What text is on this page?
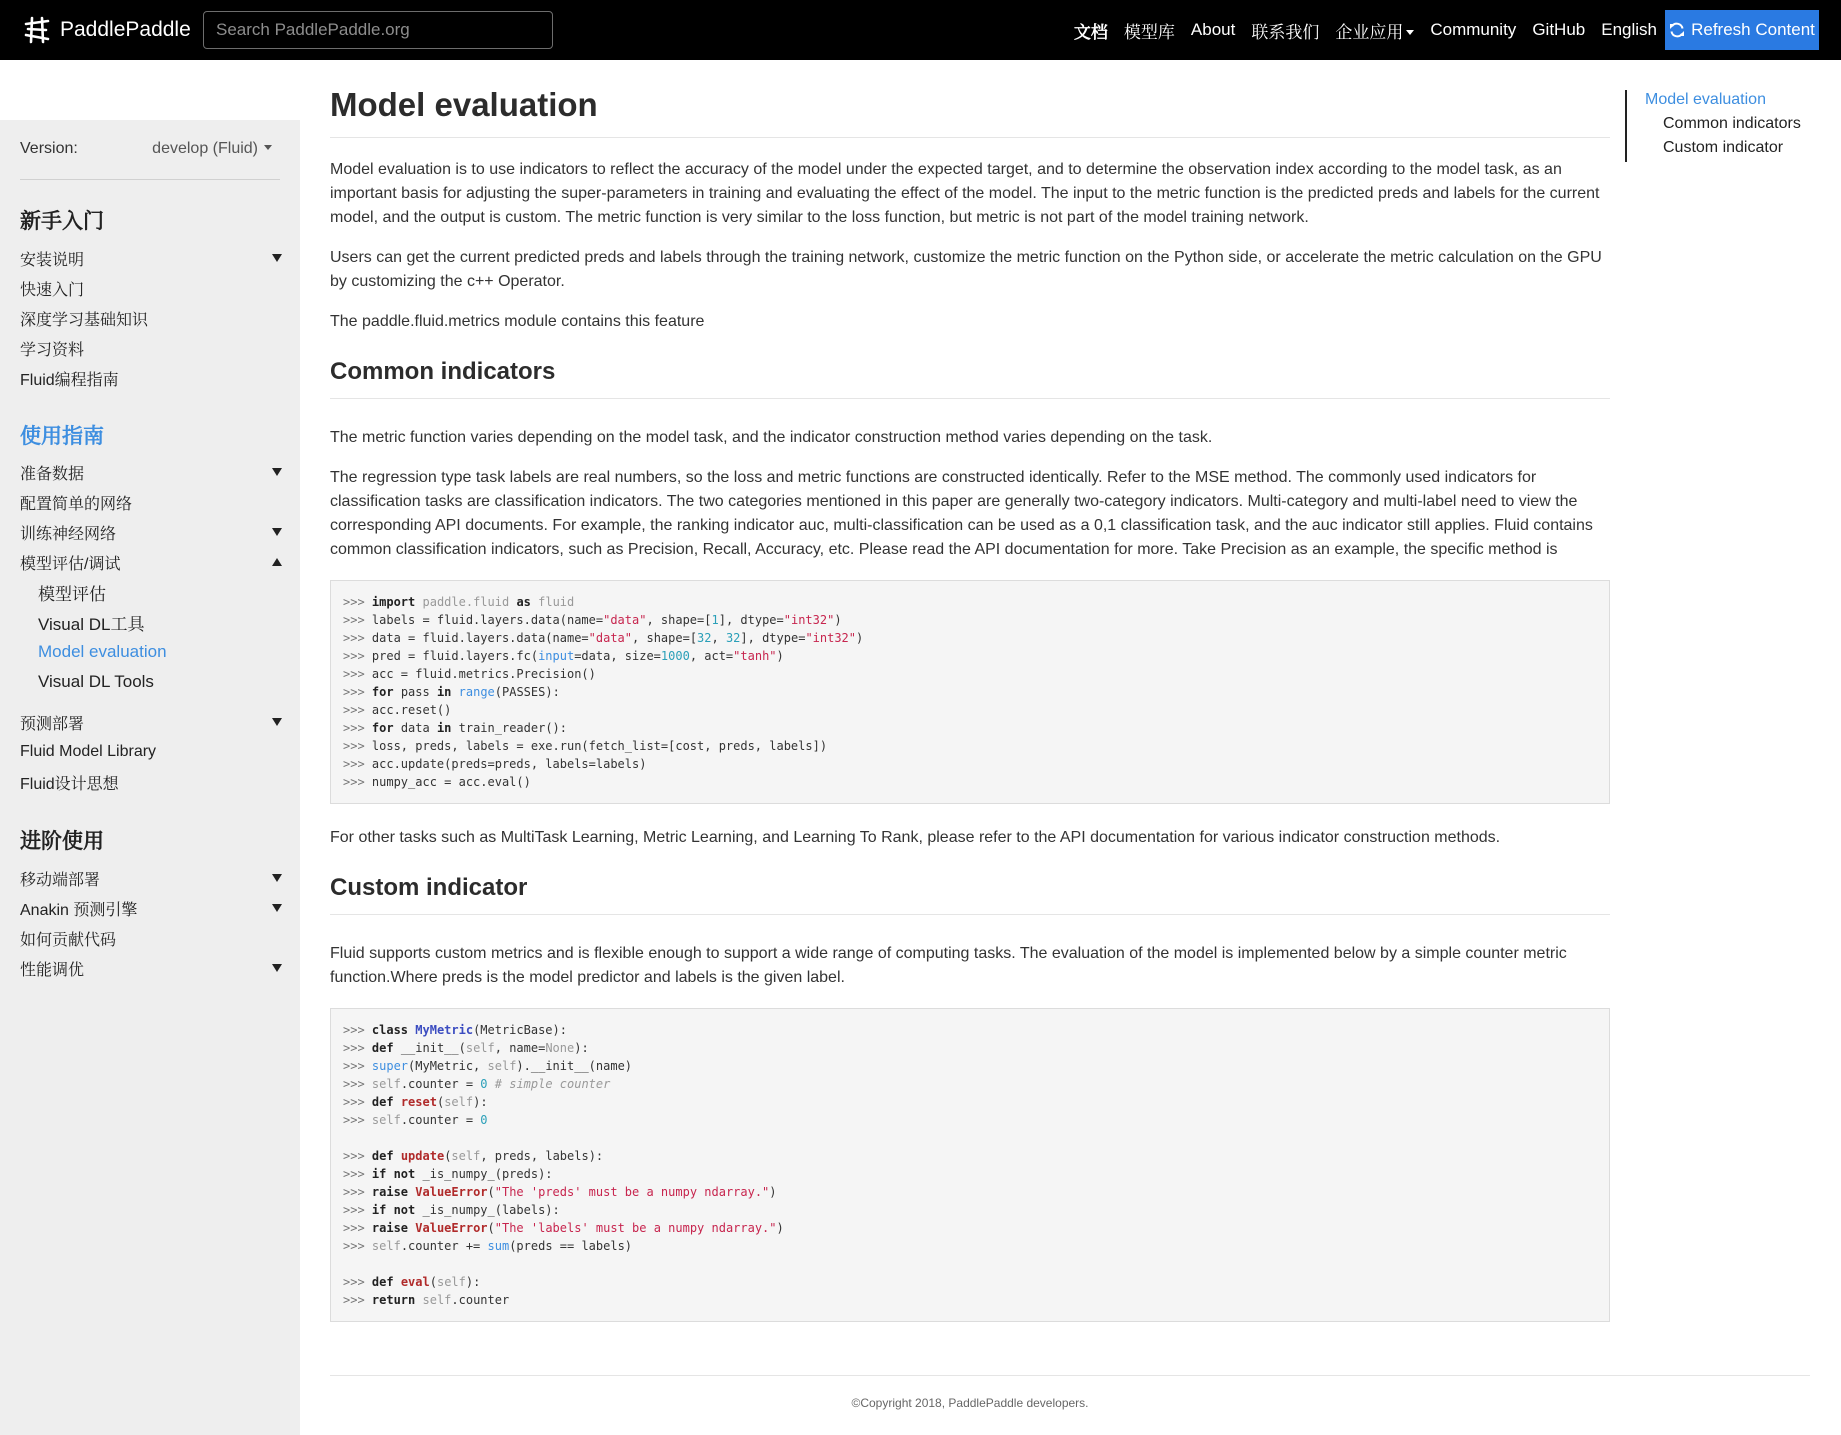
PaddlePaddle
Search PaddlePaddle.org	文档 模型库 About 联系我们 企业应用	Community GitHub English Refresh Content
Version:	develop (Fluid)
新手入门
安装说明
快速入门
深度学习基础知识
学习资料
Fluid编程指南
使用指南
准备数据
配置简单的网络
训练神经网络
模型评估/调试
模型评估
Visual DL工具
Model evaluation
Visual DL Tools
预测部署
Fluid Model Library
Fluid设计思想
进阶使用
移动端部署
Anakin 预测引擎
如何贡献代码
性能调优
Model evaluation

Model evaluation is to use indicators to reflect the accuracy of the model under the expected target, and to determine the observation index according to the model task, as an important basis for adjusting the super-parameters in training and evaluating the effect of the model. The input to the metric function is the predicted preds and labels for the current model, and the output is custom. The metric function is very similar to the loss function, but metric is not part of the model training network.

Users can get the current predicted preds and labels through the training network, customize the metric function on the Python side, or accelerate the metric calculation on the GPU by customizing the c++ Operator.

The paddle.fluid.metrics module contains this feature

Common indicators

The metric function varies depending on the model task, and the indicator construction method varies depending on the task.

The regression type task labels are real numbers, so the loss and metric functions are constructed identically. Refer to the MSE method. The commonly used indicators for classification tasks are classification indicators. The two categories mentioned in this paper are generally two-category indicators. Multi-category and multi-label need to view the corresponding API documents. For example, the ranking indicator auc, multi-classification can be used as a 0,1 classification task, and the auc indicator still applies. Fluid contains common classification indicators, such as Precision, Recall, Accuracy, etc. Please read the API documentation for more. Take Precision as an example, the specific method is

>>> import paddle.fluid as fluid
>>> labels = fluid.layers.data(name="data", shape=[1], dtype="int32")
>>> data = fluid.layers.data(name="data", shape=[32, 32], dtype="int32")
>>> pred = fluid.layers.fc(input=data, size=1000, act="tanh")
>>> acc = fluid.metrics.Precision()
>>> for pass in range(PASSES):
>>> acc.reset()
>>> for data in train_reader():
>>> loss, preds, labels = exe.run(fetch_list=[cost, preds, labels])
>>> acc.update(preds=preds, labels=labels)
>>> numpy_acc = acc.eval()

For other tasks such as MultiTask Learning, Metric Learning, and Learning To Rank, please refer to the API documentation for various indicator construction methods.

Custom indicator

Fluid supports custom metrics and is flexible enough to support a wide range of computing tasks. The evaluation of the model is implemented below by a simple counter metric function.Where preds is the model predictor and labels is the given label.

>>> class MyMetric(MetricBase):
>>> def __init__(self, name=None):
>>> super(MyMetric, self).__init__(name)
>>> self.counter = 0 # simple counter
>>> def reset(self):
>>> self.counter = 0

>>> def update(self, preds, labels):
>>> if not _is_numpy_(preds):
>>> raise ValueError("The 'preds' must be a numpy ndarray.")
>>> if not _is_numpy_(labels):
>>> raise ValueError("The 'labels' must be a numpy ndarray.")
>>> self.counter += sum(preds == labels)

>>> def eval(self):
>>> return self.counter
Model evaluation
Common indicators
Custom indicator
©Copyright 2018, PaddlePaddle developers.
